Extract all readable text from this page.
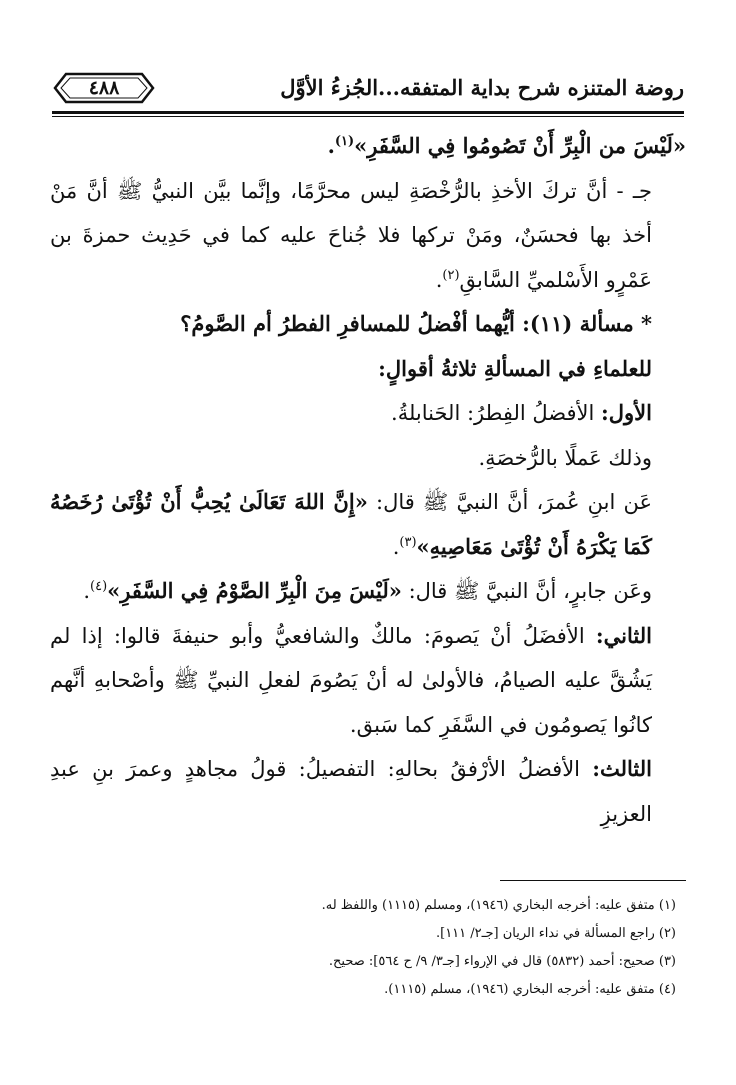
روضة المتنزه شرح بداية المتفقه...الجُزءُ الأوَّل
٤٨٨

«لَيْسَ من الْبِرِّ أَنْ تَصُومُوا فِي السَّفَرِ»$^{(١)}$.

جـ - أنَّ تركَ الأخذِ بالرُّخْصَةِ ليس محرَّمًا، وإنَّما بيَّن النبيُّ ﷺ أنَّ مَنْ أخذ بها فحسَنٌ، ومَنْ تركها فلا جُناحَ عليه كما في حَدِيث حمزةَ بن عَمْرٍو الأَسْلميِّ السَّابقِ$^{(٢)}$.

* مسألة (١١): أيُّهما أفْضلُ للمسافرِ الفطرُ أم الصَّومُ؟

للعلماءِ في المسألةِ ثلاثةُ أقوالٍ:

الأول: الأفضلُ الفِطرُ: الحَنابلةُ.

وذلك عَملًا بالرُّخصَةِ.

عَن ابنِ عُمرَ، أنَّ النبيَّ ﷺ قال: «إِنَّ اللهَ تَعَالَىٰ يُحِبُّ أَنْ تُؤْتَىٰ رُخَصُهُ كَمَا يَكْرَهُ أَنْ تُؤْتَىٰ مَعَاصِيهِ»$^{(٣)}$.

وعَن جابرٍ، أنَّ النبيَّ ﷺ قال: «لَيْسَ مِنَ الْبِرِّ الصَّوْمُ فِي السَّفَرِ»$^{(٤)}$.

الثاني: الأفضَلُ أنْ يَصومَ: مالكٌ والشافعيُّ وأبو حنيفةَ قالوا: إذا لم يَشُقَّ عليه الصيامُ، فالأولىٰ له أنْ يَصُومَ لفعلِ النبيِّ ﷺ وأصْحابهِ أنَّهم كانُوا يَصومُون في السَّفَرِ كما سَبق.

الثالث: الأفضلُ الأرْفقُ بحالهِ: التفصيلُ: قولُ مجاهدٍ وعمرَ بنِ عبدِ العزيزِ

(١) متفق عليه: أخرجه البخاري (١٩٤٦)، ومسلم (١١١٥) واللفظ له.

(٢) راجع المسألة في نداء الريان [جـ٢/ ١١١].

(٣) صحيح: أحمد (٥٨٣٢) قال في الإرواء [جـ٣/ ٩/ ح ٥٦٤]: صحيح.

(٤) متفق عليه: أخرجه البخاري (١٩٤٦)، مسلم (١١١٥).
